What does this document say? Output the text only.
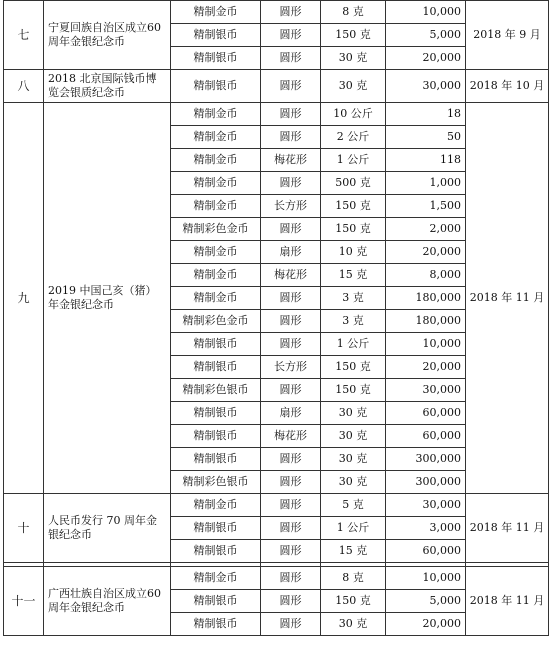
七	宁夏回族自治区成立60周年金银纪念币	精制金币	圆形	8 克	10,000	2018 年 9 月
		精制银币	圆形	150 克	5,000	
		精制银币	圆形	30 克	20,000	
八	2018 北京国际钱币博览会银质纪念币	精制银币	圆形	30 克	30,000	2018 年 10 月
九	2019 中国己亥（猪）年金银纪念币	精制金币	圆形	10 公斤	18	2018 年 11 月
		精制金币	圆形	2 公斤	50	
		精制金币	梅花形	1 公斤	118	
		精制金币	圆形	500 克	1,000	
		精制金币	长方形	150 克	1,500	
		精制彩色金币	圆形	150 克	2,000	
		精制金币	扇形	10 克	20,000	
		精制金币	梅花形	15 克	8,000	
		精制金币	圆形	3 克	180,000	
		精制彩色金币	圆形	3 克	180,000	
		精制银币	圆形	1 公斤	10,000	
		精制银币	长方形	150 克	20,000	
		精制彩色银币	圆形	150 克	30,000	
		精制银币	扇形	30 克	60,000	
		精制银币	梅花形	30 克	60,000	
		精制银币	圆形	30 克	300,000	
		精制彩色银币	圆形	30 克	300,000	
十	人民币发行 70 周年金银纪念币	精制金币	圆形	5 克	30,000	2018 年 11 月
		精制银币	圆形	1 公斤	3,000	
		精制银币	圆形	15 克	60,000	

十一	广西壮族自治区成立60周年金银纪念币	精制金币	圆形	8 克	10,000	2018 年 11 月
		精制银币	圆形	150 克	5,000	
		精制银币	圆形	30 克	20,000	
